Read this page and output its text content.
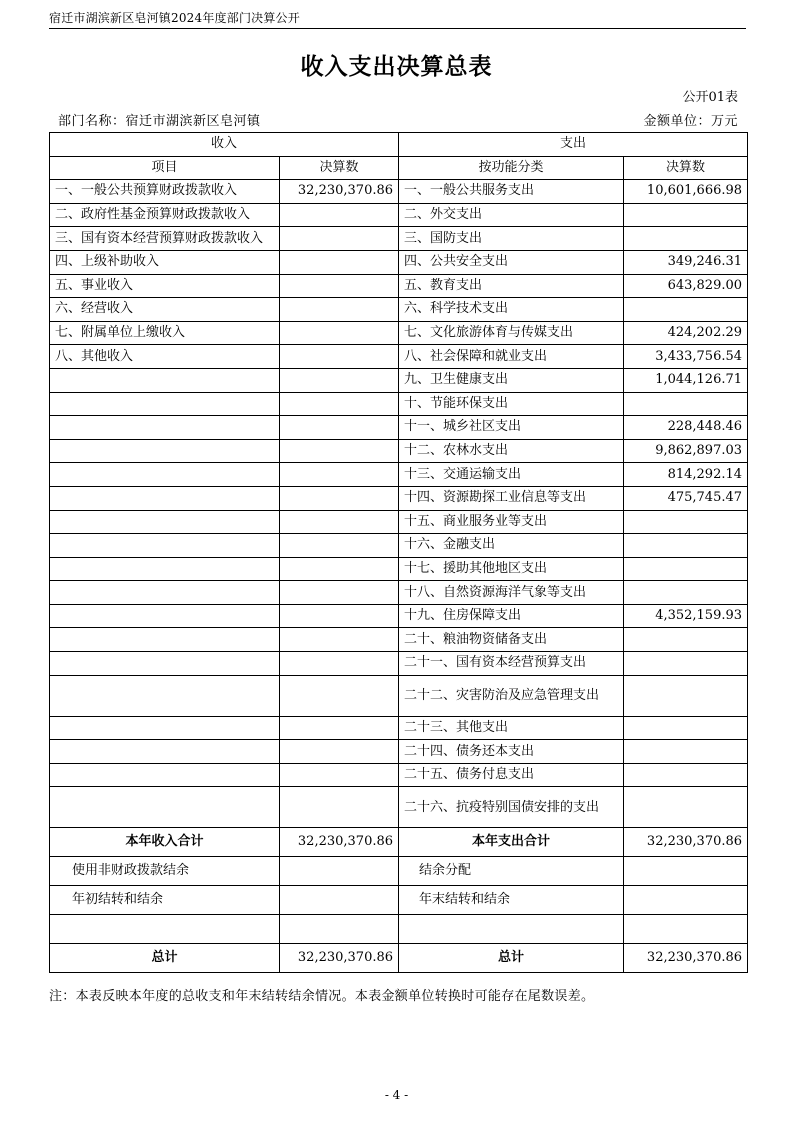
宿迁市湖滨新区皂河镇2024年度部门决算公开
收入支出决算总表
公开01表
部门名称：宿迁市湖滨新区皂河镇	金额单位：万元
收入		支出	
项目	决算数	按功能分类	决算数
一、一般公共预算财政拨款收入	32,230,370.86	一、一般公共服务支出	10,601,666.98
二、政府性基金预算财政拨款收入		二、外交支出	
三、国有资本经营预算财政拨款收入		三、国防支出	
四、上级补助收入		四、公共安全支出	349,246.31
五、事业收入		五、教育支出	643,829.00
六、经营收入		六、科学技术支出	
七、附属单位上缴收入		七、文化旅游体育与传媒支出	424,202.29
八、其他收入		八、社会保障和就业支出	3,433,756.54
		九、卫生健康支出	1,044,126.71
		十、节能环保支出	
		十一、城乡社区支出	228,448.46
		十二、农林水支出	9,862,897.03
		十三、交通运输支出	814,292.14
		十四、资源勘探工业信息等支出	475,745.47
		十五、商业服务业等支出	
		十六、金融支出	
		十七、援助其他地区支出	
		十八、自然资源海洋气象等支出	
		十九、住房保障支出	4,352,159.93
		二十、粮油物资储备支出	
		二十一、国有资本经营预算支出	
		二十二、灾害防治及应急管理支出	
		二十三、其他支出	
		二十四、债务还本支出	
		二十五、债务付息支出	
		二十六、抗疫特别国债安排的支出	
本年收入合计	32,230,370.86	本年支出合计	32,230,370.86
使用非财政拨款结余		结余分配	
年初结转和结余		年末结转和结余	

总计	32,230,370.86	总计	32,230,370.86
注：本表反映本年度的总收支和年末结转结余情况。本表金额单位转换时可能存在尾数误差。
- 4 -
